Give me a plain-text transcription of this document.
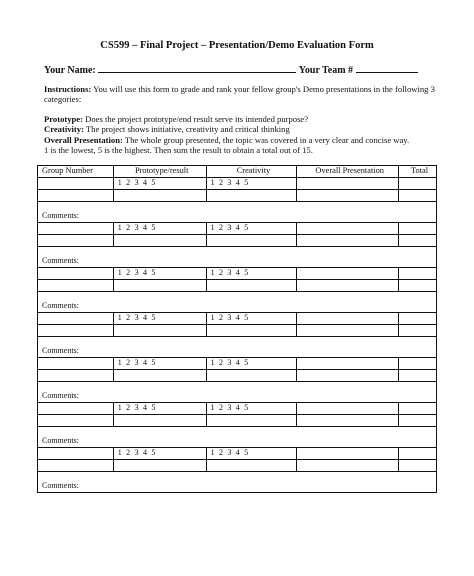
CS599 – Final Project – Presentation/Demo Evaluation Form
Your Name:	Your Team #
Instructions: You will use this form to grade and rank your fellow group's Demo presentations in the following 3 categories:
Prototype: Does the project prototype/end result serve its intended purpose?
Creativity: The project shows initiative, creativity and critical thinking
Overall Presentation: The whole group presented, the topic was covered in a very clear and concise way.
1 is the lowest, 5 is the highest. Then sum the result to obtain a total out of 15.
Group Number	Prototype/result	Creativity	Overall Presentation	Total
	1 2 3 4 5	1 2 3 4 5		

Comments:				
	1 2 3 4 5	1 2 3 4 5		

Comments:				
	1 2 3 4 5	1 2 3 4 5		

Comments:				
	1 2 3 4 5	1 2 3 4 5		

Comments:				
	1 2 3 4 5	1 2 3 4 5		

Comments:				
	1 2 3 4 5	1 2 3 4 5		

Comments:				
	1 2 3 4 5	1 2 3 4 5		

Comments:				
